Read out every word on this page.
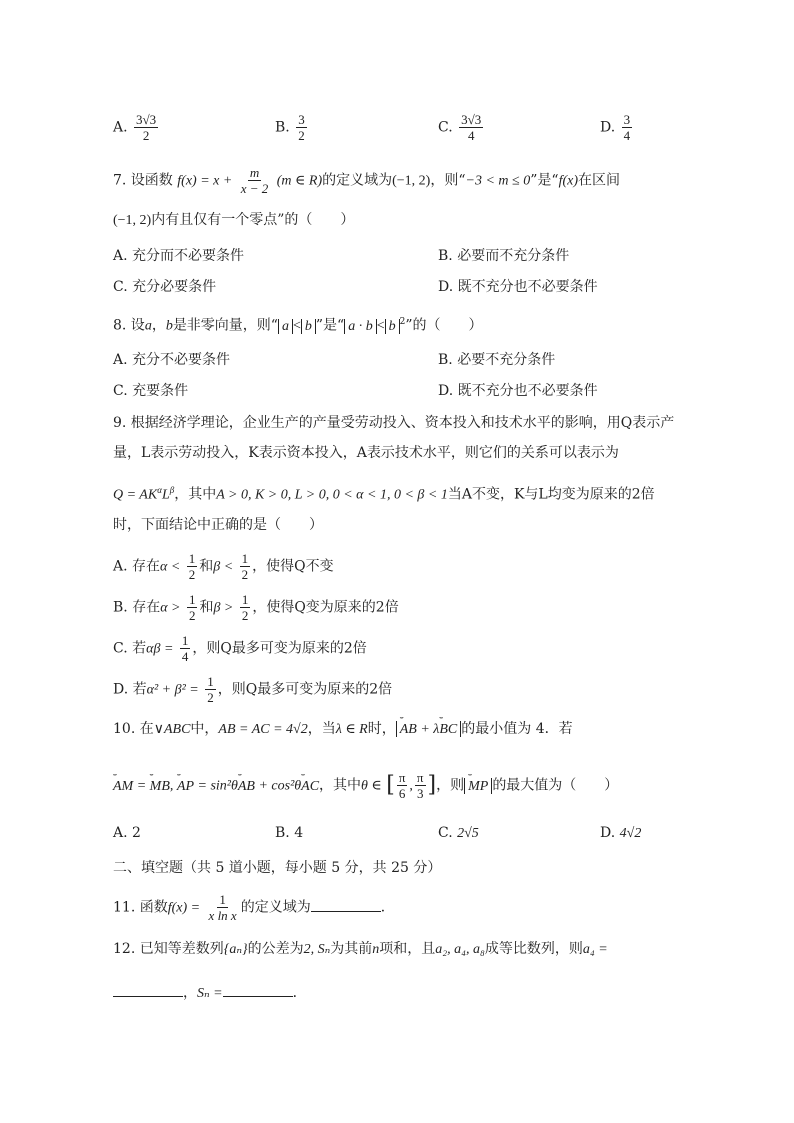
A. $\frac{3√3}{2}$	B. $\frac{3}{2}$	C. $\frac{3√3}{4}$	D. $\frac{3}{4}$
7. 设函数 $f(x) = x + \frac{m}{x - 2} (m$ ∈ R)的定义域为(−1, 2)，则“−3 < m ≤ 0”是“f(x)在区间
(−1, 2)内有且仅有一个零点”的（　　）
A. 充分而不必要条件	B. 必要而不充分条件
C. 充分必要条件	D. 既不充分也不必要条件
8. 设a，b是非零向量，则“ a < b ”是“ a · b < b $^2$”的（　　）
A. 充分不必要条件	B. 必要不充分条件
C. 充要条件	D. 既不充分也不必要条件
9. 根据经济学理论，企业生产的产量受劳动投入、资本投入和技术水平的影响，用Q表示产
量，L表示劳动投入，K表示资本投入，A表示技术水平，则它们的关系可以表示为
$Q = AK^\alpha L^\beta$，其中A > 0, K > 0, L > 0, 0 < α < 1, 0 < β < 1当A不变，K与L均变为原来的2倍
时，下面结论中正确的是（　　）
A. 存在$\alpha < \frac{1}{2}$ 和$\beta < \frac{1}{2}$ ，使得Q不变
B. 存在$\alpha > \frac{1}{2}$ 和$\beta > \frac{1}{2}$ ，使得Q变为原来的2倍
C. 若$\alpha\beta = \frac{1}{4}$ ，则Q最多可变为原来的2倍
D. 若$\alpha^2 + \beta^2 = \frac{1}{2}$ ，则Q最多可变为原来的2倍
10. 在∨ABC中，AB = AC = 4√2，当λ ∈ R时， ᵕᵕ AB + λᵕᵕ BC 的最小值为 4．若
ᵕᵕ AM = ᵕᵕ MB, ᵕᵕ AP = sin²θᵕᵕ AB + cos²θᵕᵕ AC，其中θ ∈ [ $\frac{\pi}{6}$ , $\frac{\pi}{3}$ ]，则 ᵕᵕ MP 的最大值为（　　）
A. 2	B. 4	C. 2√5	D. 4√2
二、填空题（共 5 道小题，每小题 5 分，共 25 分）
11. 函数$f(x) = \frac{1}{\text{x ln x}}$ 的定义域为	．
12. 已知等差数列{aₙ}的公差为2, Sₙ为其前n项和，且a₂, a₄, a₈成等比数列，则a₄ =
，Sₙ =	．
